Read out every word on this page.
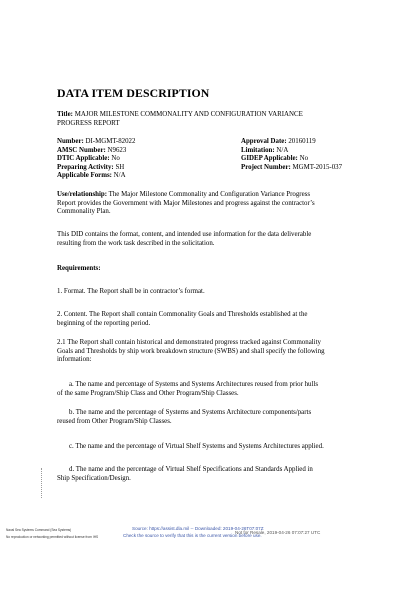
DATA ITEM DESCRIPTION
Title: MAJOR MILESTONE COMMONALITY AND CONFIGURATION VARIANCE
PROGRESS REPORT
Number: DI-MGMT-82022	Approval Date: 20160119
AMSC Number: N9623	Limitation: N/A
DTIC Applicable: No	GIDEP Applicable: No
Preparing Activity: SH	Project Number: MGMT-2015-037
Applicable Forms: N/A
Use/relationship: The Major Milestone Commonality and Configuration Variance Progress
Report provides the Government with Major Milestones and progress against the contractor’s
Commonality Plan.
This DID contains the format, content, and intended use information for the data deliverable
resulting from the work task described in the solicitation.
Requirements:
1. Format. The Report shall be in contractor’s format.
2. Content. The Report shall contain Commonality Goals and Thresholds established at the
beginning of the reporting period.
2.1 The Report shall contain historical and demonstrated progress tracked against Commonality
Goals and Thresholds by ship work breakdown structure (SWBS) and shall specify the following
information:
a. The name and percentage of Systems and Systems Architectures reused from prior hulls
of the same Program/Ship Class and Other Program/Ship Classes.
b. The name and the percentage of Systems and Systems Architecture components/parts
reused from Other Program/Ship Classes.
c. The name and the percentage of Virtual Shelf Systems and Systems Architectures applied.
d. The name and the percentage of Virtual Shelf Specifications and Standards Applied in
Ship Specification/Design.
Naval Sea Systems Command (Sea Systems)
No reproduction or networking permitted without license from IHS
Source: https://assist.dla.mil -- Downloaded: 2019-04-26T07:07Z
Not for Resale, 2019-04-26 07:07:27 UTC
Check the source to verify that this is the current version before use.
